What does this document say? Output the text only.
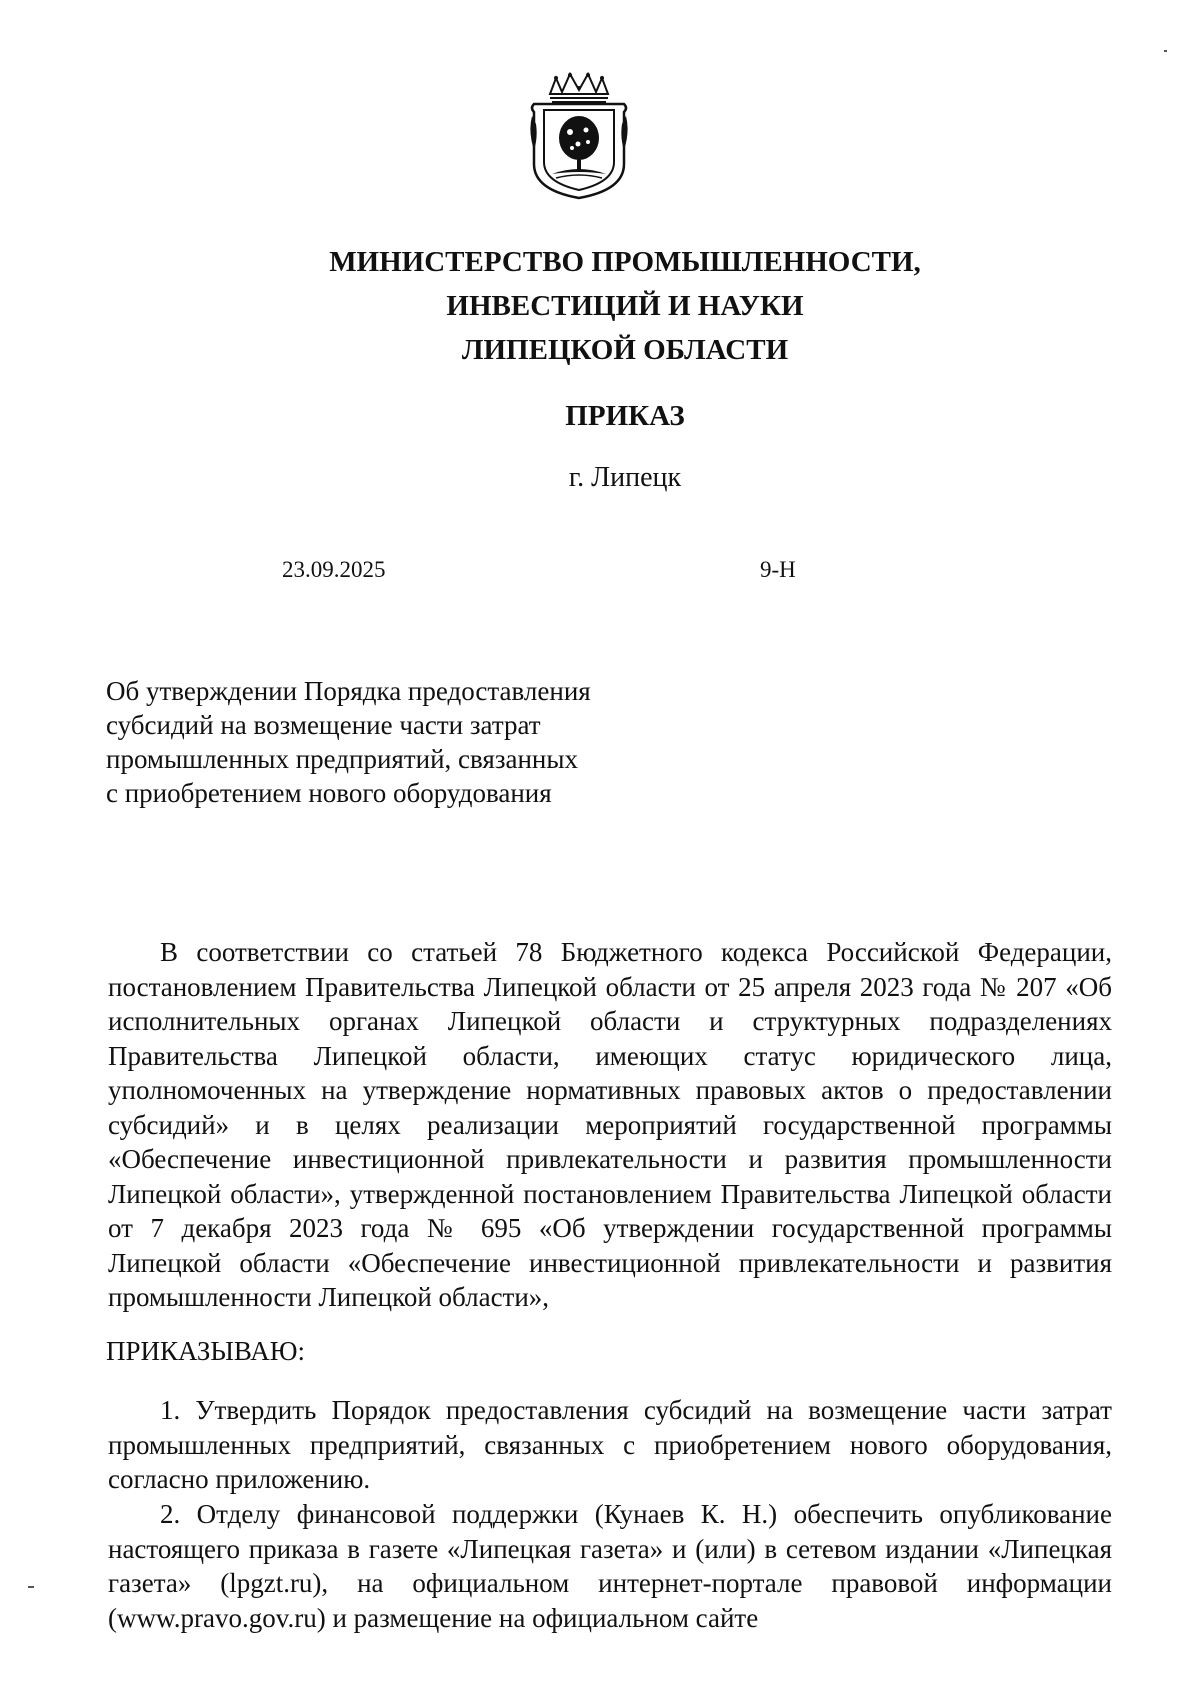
МИНИСТЕРСТВО ПРОМЫШЛЕННОСТИ,
ИНВЕСТИЦИЙ И НАУКИ
ЛИПЕЦКОЙ ОБЛАСТИ
ПРИКАЗ
г. Липецк
23.09.2025	9-Н
Об утверждении Порядка предоставления
субсидий на возмещение части затрат
промышленных предприятий, связанных
с приобретением нового оборудования
В соответствии со статьей 78 Бюджетного кодекса Российской Федерации, постановлением Правительства Липецкой области от 25 апреля 2023 года № 207 «Об исполнительных органах Липецкой области и структурных подразделениях Правительства Липецкой области, имеющих статус юридического лица, уполномоченных на утверждение нормативных правовых актов о предоставлении субсидий» и в целях реализации мероприятий государственной программы «Обеспечение инвестиционной привлекательности и развития промышленности Липецкой области», утвержденной постановлением Правительства Липецкой области от 7 декабря 2023 года № 695 «Об утверждении государственной программы Липецкой области «Обеспечение инвестиционной привлекательности и развития промышленности Липецкой области»,
ПРИКАЗЫВАЮ:
1. Утвердить Порядок предоставления субсидий на возмещение части затрат промышленных предприятий, связанных с приобретением нового оборудования, согласно приложению.
2. Отделу финансовой поддержки (Кунаев К. Н.) обеспечить опубликование настоящего приказа в газете «Липецкая газета» и (или) в сетевом издании «Липецкая газета» (lpgzt.ru), на официальном интернет-портале правовой информации (www.pravo.gov.ru) и размещение на официальном сайте
